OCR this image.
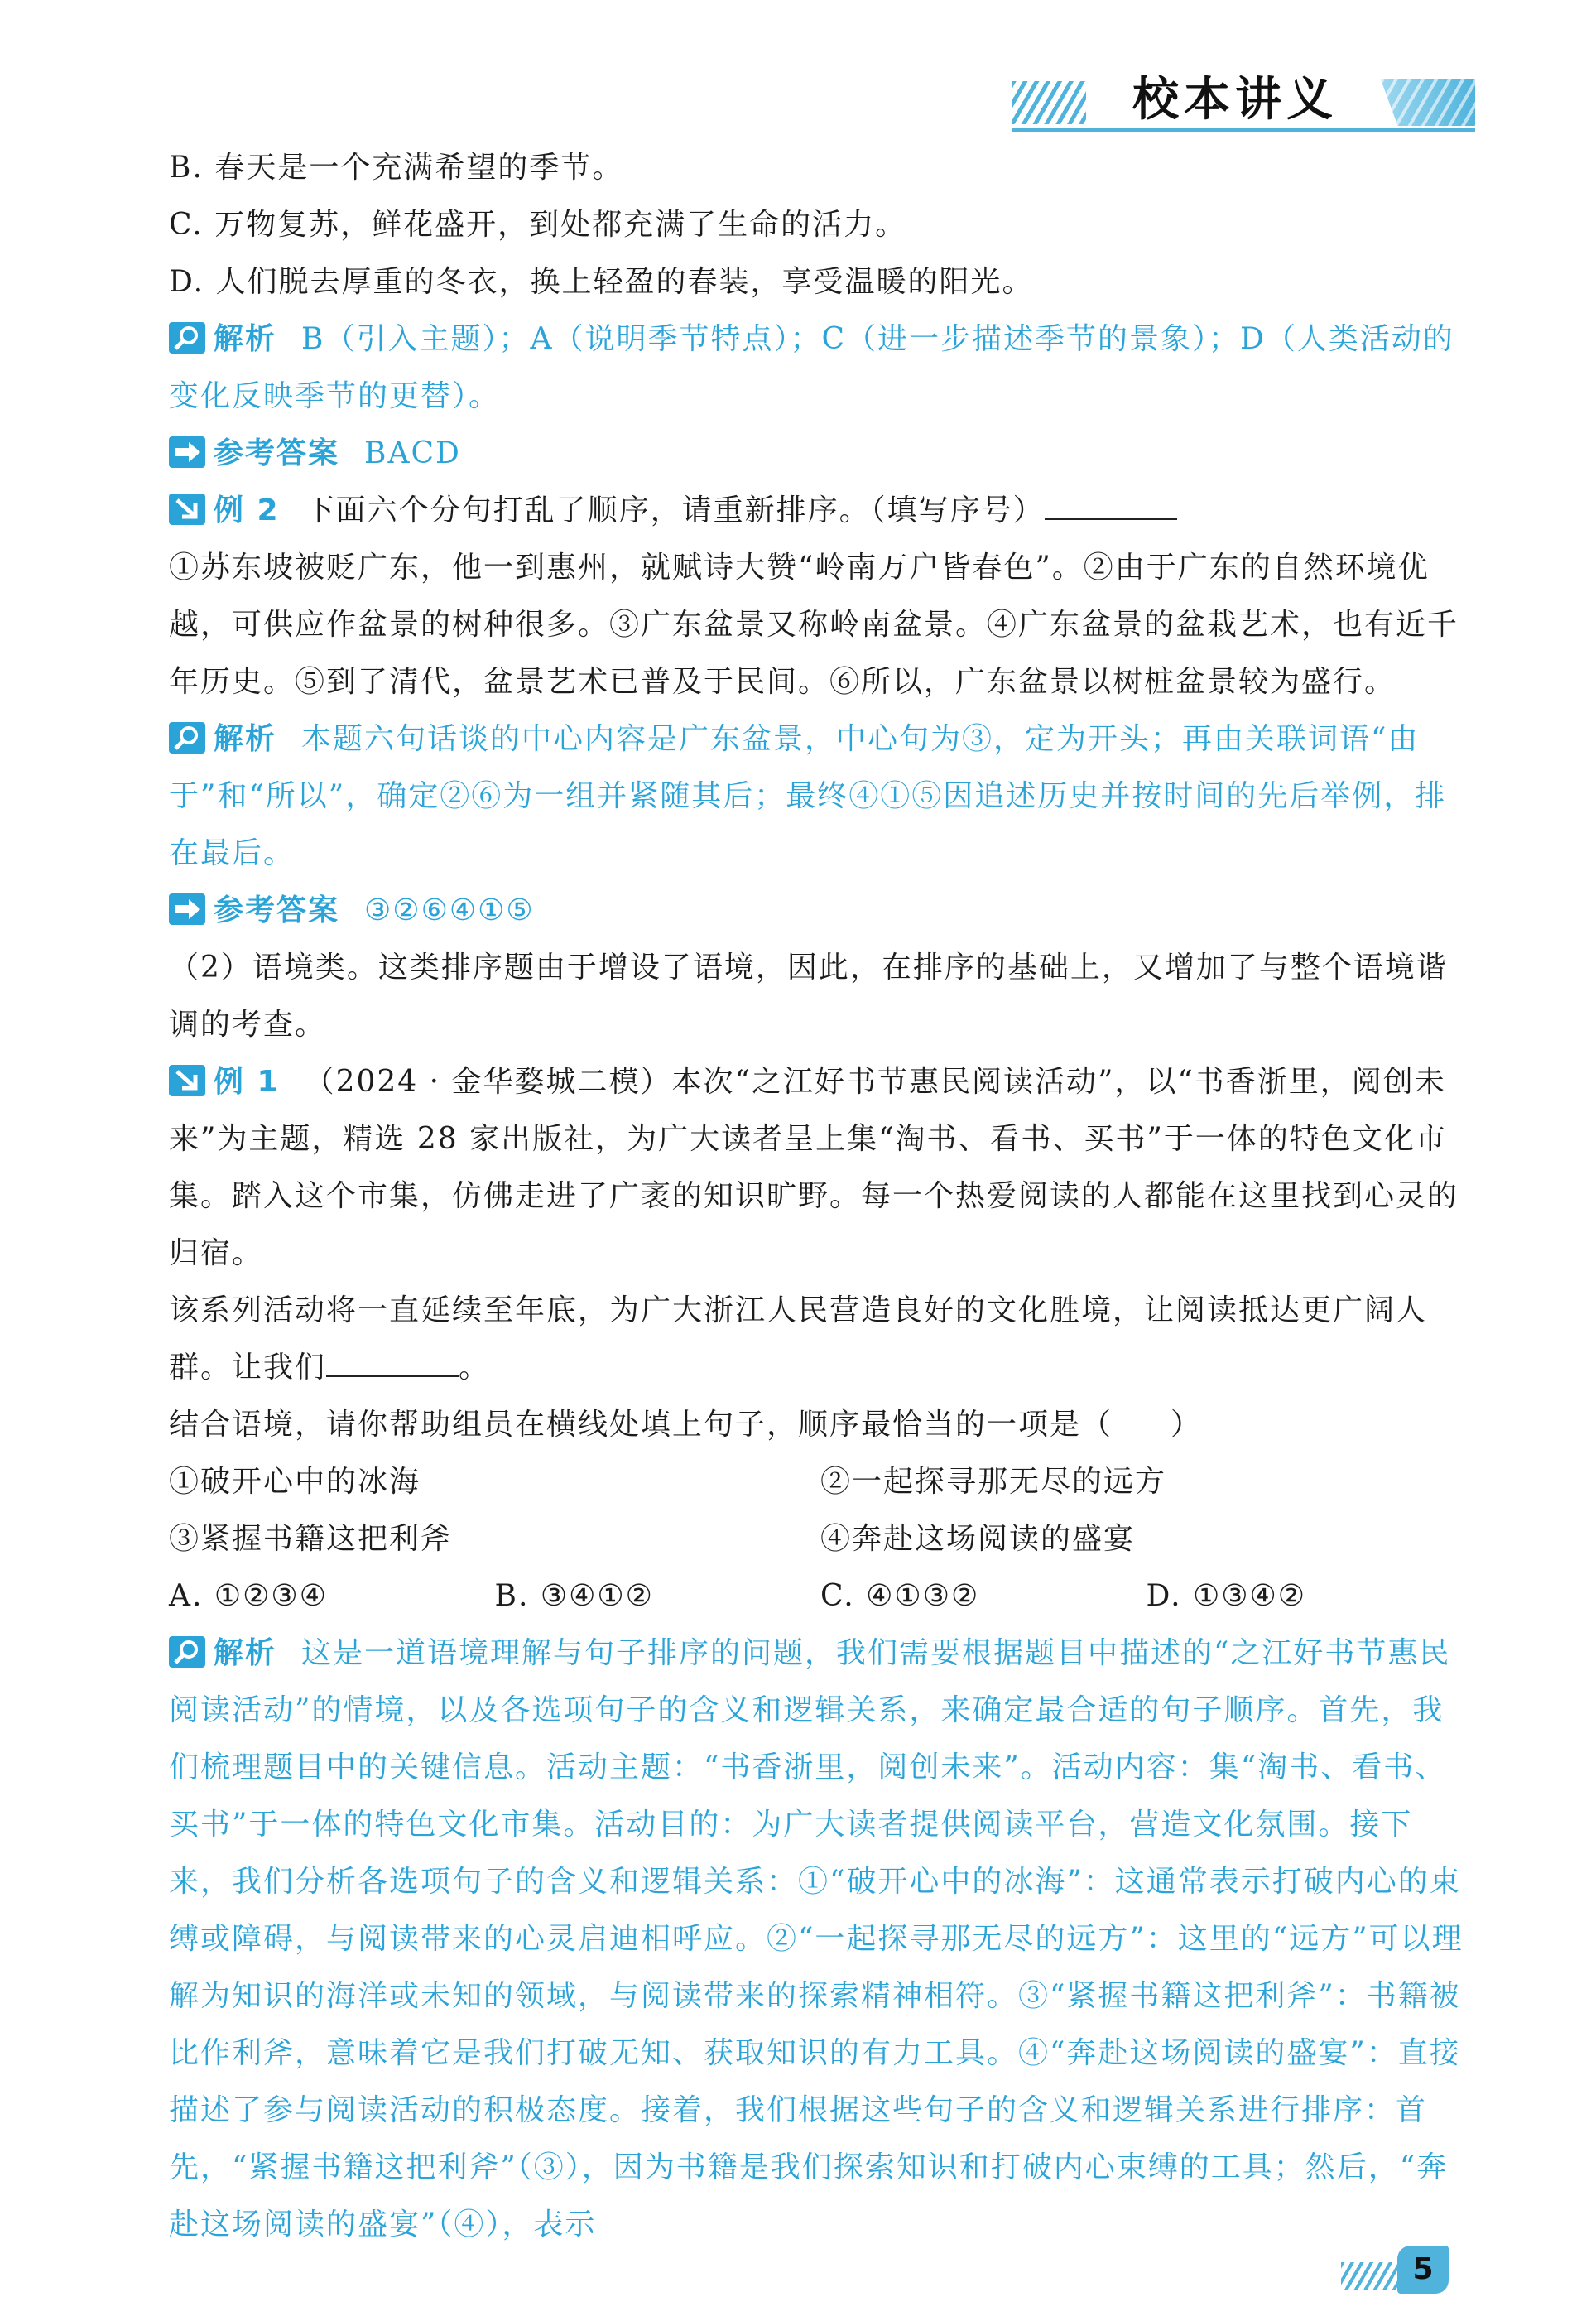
校本讲义

B. 春天是一个充满希望的季节。

C. 万物复苏，鲜花盛开，到处都充满了生命的活力。

D. 人们脱去厚重的冬衣，换上轻盈的春装，享受温暖的阳光。

解析 B（引入主题）；A（说明季节特点）；C（进一步描述季节的景象）；D（人类活动的变化反映季节的更替）。

参考答案 BACD

例 2 下面六个分句打乱了顺序，请重新排序。（填写序号）

①苏东坡被贬广东，他一到惠州，就赋诗大赞“岭南万户皆春色”。②由于广东的自然环境优越，可供应作盆景的树种很多。③广东盆景又称岭南盆景。④广东盆景的盆栽艺术，也有近千年历史。⑤到了清代，盆景艺术已普及于民间。⑥所以，广东盆景以树桩盆景较为盛行。

解析 本题六句话谈的中心内容是广东盆景，中心句为③，定为开头；再由关联词语“由于”和“所以”，确定②⑥为一组并紧随其后；最终④①⑤因追述历史并按时间的先后举例，排在最后。

参考答案 ③②⑥④①⑤

（2）语境类。这类排序题由于增设了语境，因此，在排序的基础上，又增加了与整个语境谐调的考查。

例 1 （2024 · 金华婺城二模）本次“之江好书节惠民阅读活动”，以“书香浙里，阅创未来”为主题，精选 28 家出版社，为广大读者呈上集“淘书、看书、买书”于一体的特色文化市集。踏入这个市集，仿佛走进了广袤的知识旷野。每一个热爱阅读的人都能在这里找到心灵的归宿。

该系列活动将一直延续至年底，为广大浙江人民营造良好的文化胜境，让阅读抵达更广阔人群。让我们	。

结合语境，请你帮助组员在横线处填上句子，顺序最恰当的一项是（ ）

①破开心中的冰海	②一起探寻那无尽的远方
③紧握书籍这把利斧	④奔赴这场阅读的盛宴
A. ①②③④	B. ③④①②	C. ④①③②	D. ①③④②

解析 这是一道语境理解与句子排序的问题，我们需要根据题目中描述的“之江好书节惠民阅读活动”的情境，以及各选项句子的含义和逻辑关系，来确定最合适的句子顺序。首先，我们梳理题目中的关键信息。活动主题：“书香浙里，阅创未来”。活动内容：集“淘书、看书、买书”于一体的特色文化市集。活动目的：为广大读者提供阅读平台，营造文化氛围。接下来，我们分析各选项句子的含义和逻辑关系：①“破开心中的冰海”：这通常表示打破内心的束缚或障碍，与阅读带来的心灵启迪相呼应。②“一起探寻那无尽的远方”：这里的“远方”可以理解为知识的海洋或未知的领域，与阅读带来的探索精神相符。③“紧握书籍这把利斧”：书籍被比作利斧，意味着它是我们打破无知、获取知识的有力工具。④“奔赴这场阅读的盛宴”：直接描述了参与阅读活动的积极态度。接着，我们根据这些句子的含义和逻辑关系进行排序：首先，“紧握书籍这把利斧”（③），因为书籍是我们探索知识和打破内心束缚的工具；然后，“奔赴这场阅读的盛宴”（④），表示

5
